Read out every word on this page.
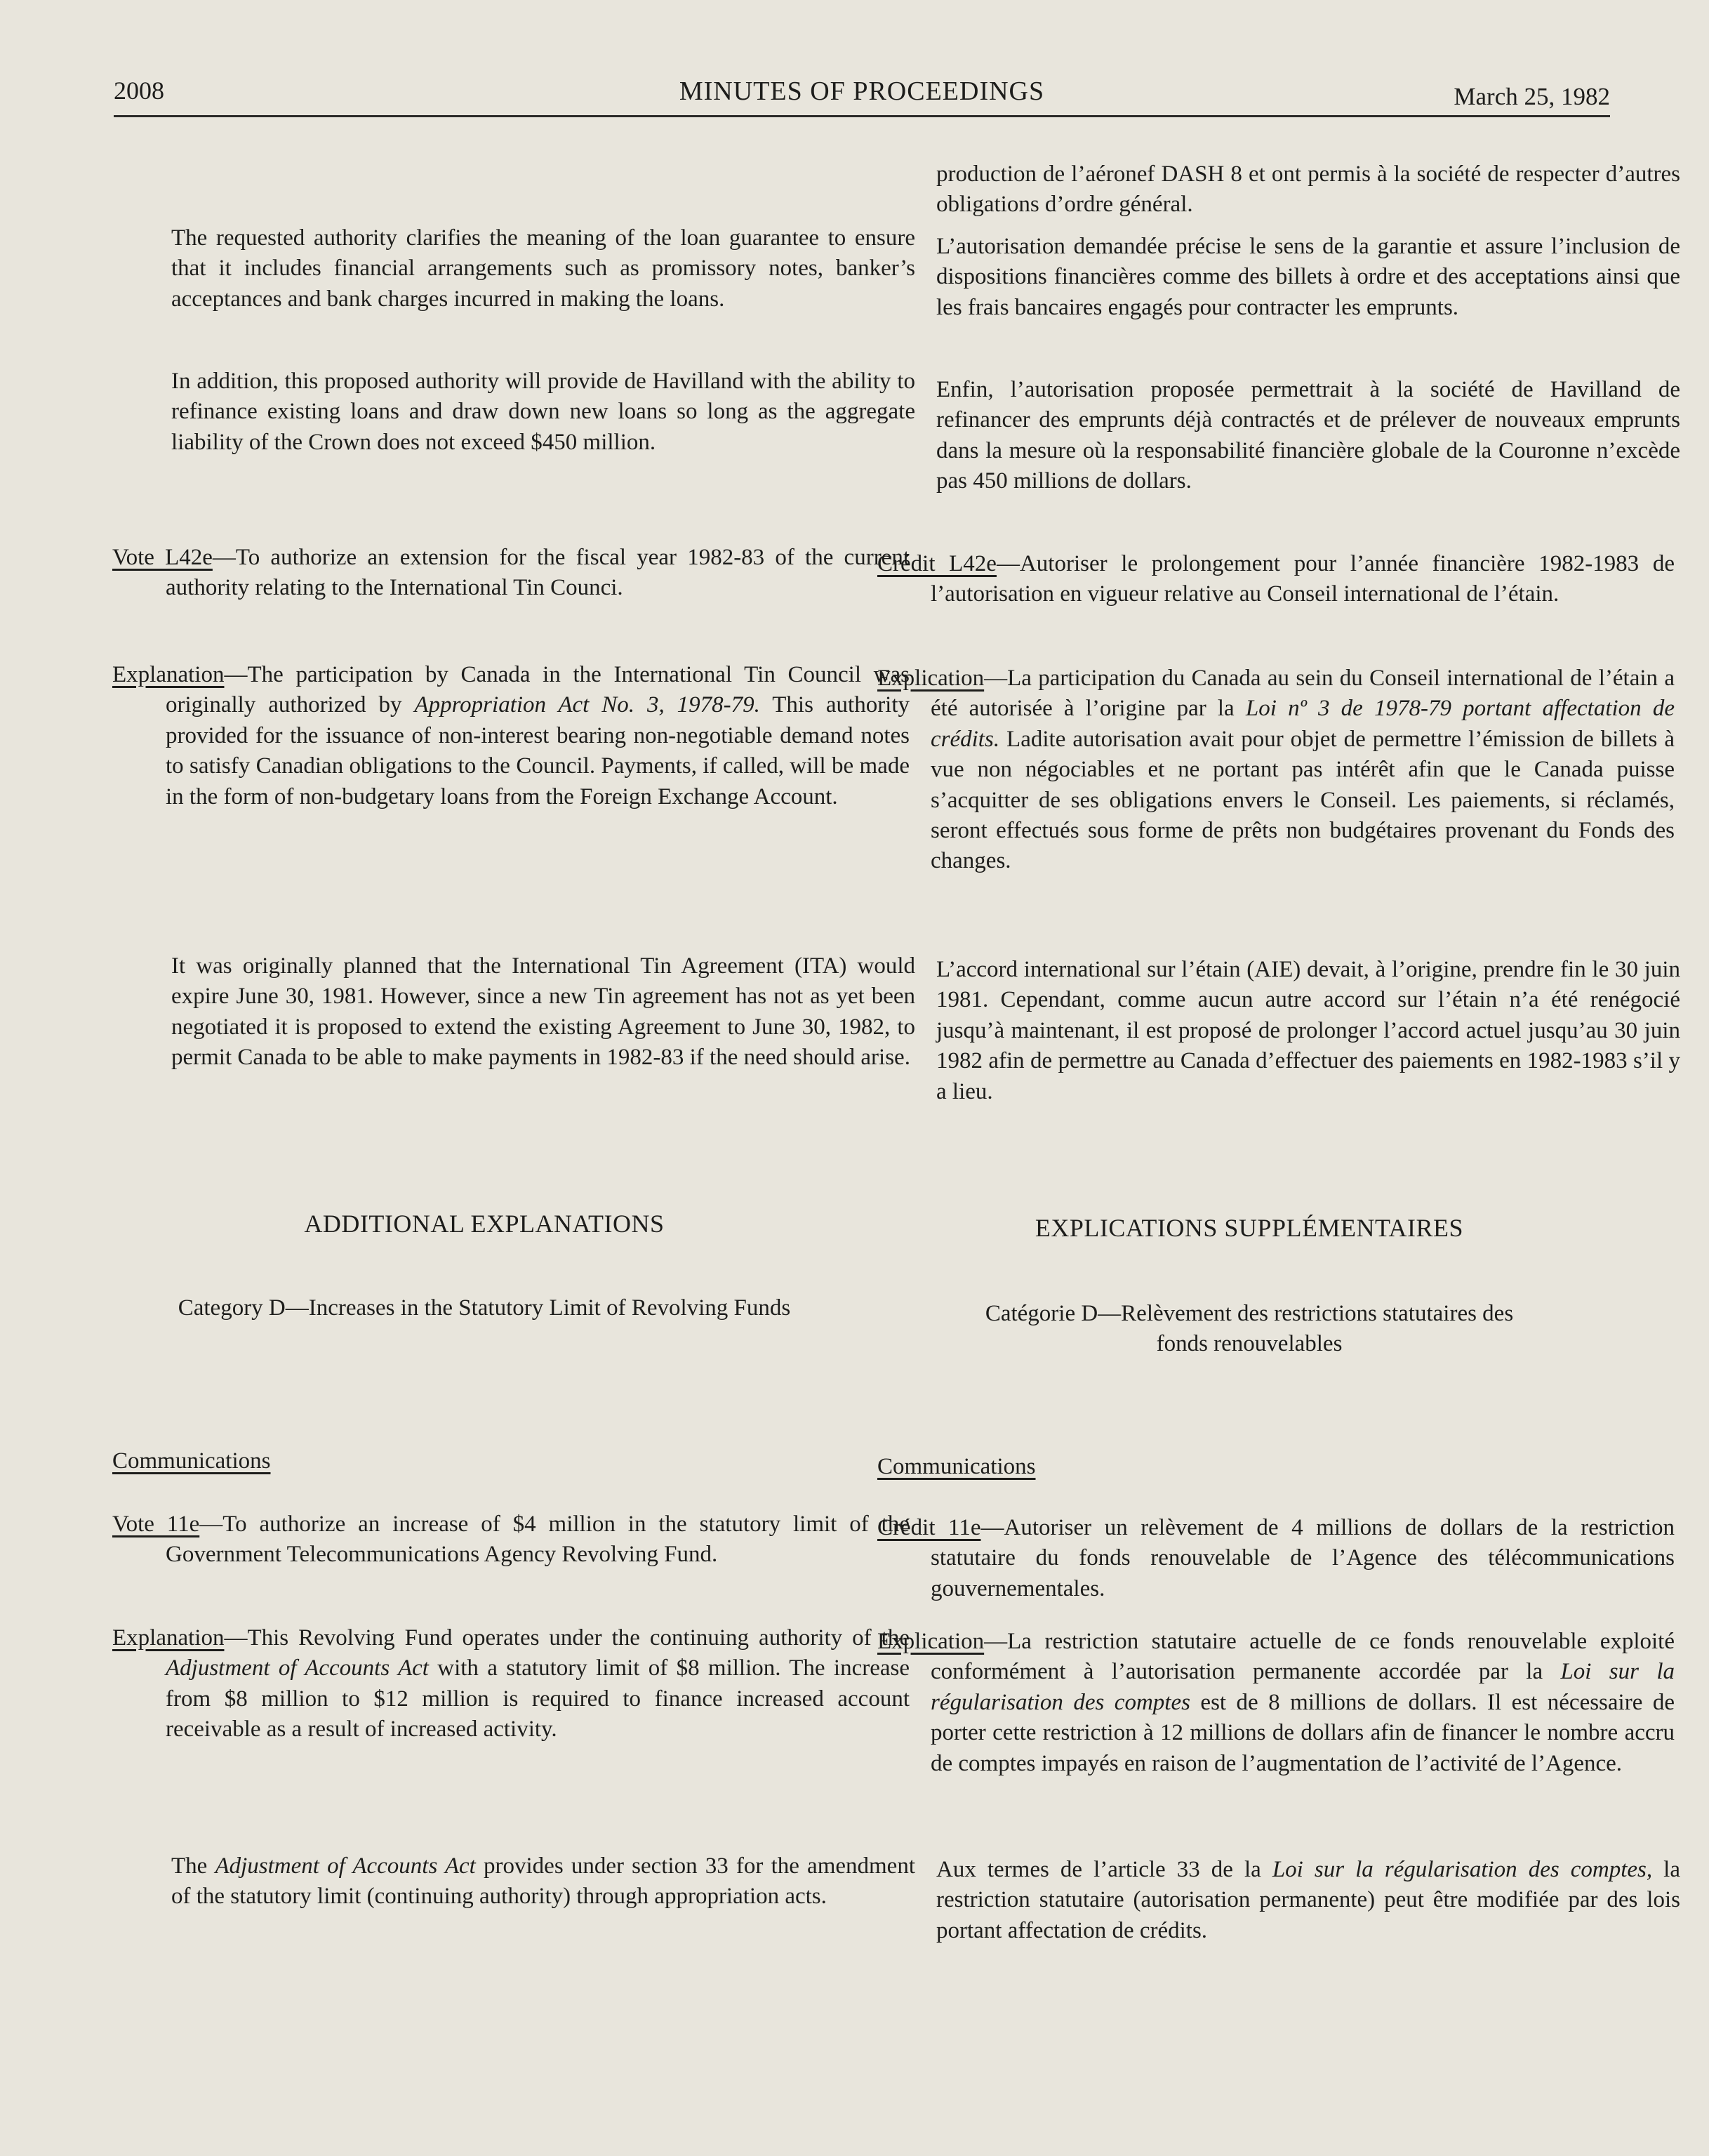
2008	MINUTES OF PROCEEDINGS	March 25, 1982

The requested authority clarifies the meaning of the loan guarantee to ensure that it includes financial arrangements such as promissory notes, banker’s acceptances and bank charges incurred in making the loans.

In addition, this proposed authority will provide de Havilland with the ability to refinance existing loans and draw down new loans so long as the aggregate liability of the Crown does not exceed $450 million.

Vote L42e—To authorize an extension for the fiscal year 1982-83 of the current authority relating to the International Tin Counci.

Explanation—The participation by Canada in the International Tin Council was originally authorized by Appropriation Act No. 3, 1978-79. This authority provided for the issuance of non-interest bearing non-negotiable demand notes to satisfy Canadian obligations to the Council. Payments, if called, will be made in the form of non-budgetary loans from the Foreign Exchange Account.

It was originally planned that the International Tin Agreement (ITA) would expire June 30, 1981. However, since a new Tin agreement has not as yet been negotiated it is proposed to extend the existing Agreement to June 30, 1982, to permit Canada to be able to make payments in 1982-83 if the need should arise.

ADDITIONAL EXPLANATIONS

Category D—Increases in the Statutory Limit of Revolving Funds

Communications

Vote 11e—To authorize an increase of $4 million in the statutory limit of the Government Telecommunications Agency Revolving Fund.

Explanation—This Revolving Fund operates under the continuing authority of the Adjustment of Accounts Act with a statutory limit of $8 million. The increase from $8 million to $12 million is required to finance increased account receivable as a result of increased activity.

The Adjustment of Accounts Act provides under section 33 for the amendment of the statutory limit (continuing authority) through appropriation acts.

production de l’aéronef DASH 8 et ont permis à la société de respecter d’autres obligations d’ordre général.

L’autorisation demandée précise le sens de la garantie et assure l’inclusion de dispositions financières comme des billets à ordre et des acceptations ainsi que les frais bancaires engagés pour contracter les emprunts.

Enfin, l’autorisation proposée permettrait à la société de Havilland de refinancer des emprunts déjà contractés et de prélever de nouveaux emprunts dans la mesure où la responsabilité financière globale de la Couronne n’excède pas 450 millions de dollars.

Crédit L42e—Autoriser le prolongement pour l’année financière 1982-1983 de l’autorisation en vigueur relative au Conseil international de l’étain.

Explication—La participation du Canada au sein du Conseil international de l’étain a été autorisée à l’origine par la Loi nº 3 de 1978-79 portant affectation de crédits. Ladite autorisation avait pour objet de permettre l’émission de billets à vue non négociables et ne portant pas intérêt afin que le Canada puisse s’acquitter de ses obligations envers le Conseil. Les paiements, si réclamés, seront effectués sous forme de prêts non budgétaires provenant du Fonds des changes.

L’accord international sur l’étain (AIE) devait, à l’origine, prendre fin le 30 juin 1981. Cependant, comme aucun autre accord sur l’étain n’a été renégocié jusqu’à maintenant, il est proposé de prolonger l’accord actuel jusqu’au 30 juin 1982 afin de permettre au Canada d’effectuer des paiements en 1982-1983 s’il y a lieu.

EXPLICATIONS SUPPLÉMENTAIRES

Catégorie D—Relèvement des restrictions statutaires des fonds renouvelables

Communications

Crédit 11e—Autoriser un relèvement de 4 millions de dollars de la restriction statutaire du fonds renouvelable de l’Agence des télécommunications gouvernementales.

Explication—La restriction statutaire actuelle de ce fonds renouvelable exploité conformément à l’autorisation permanente accordée par la Loi sur la régularisation des comptes est de 8 millions de dollars. Il est nécessaire de porter cette restriction à 12 millions de dollars afin de financer le nombre accru de comptes impayés en raison de l’augmentation de l’activité de l’Agence.

Aux termes de l’article 33 de la Loi sur la régularisation des comptes, la restriction statutaire (autorisation permanente) peut être modifiée par des lois portant affectation de crédits.
